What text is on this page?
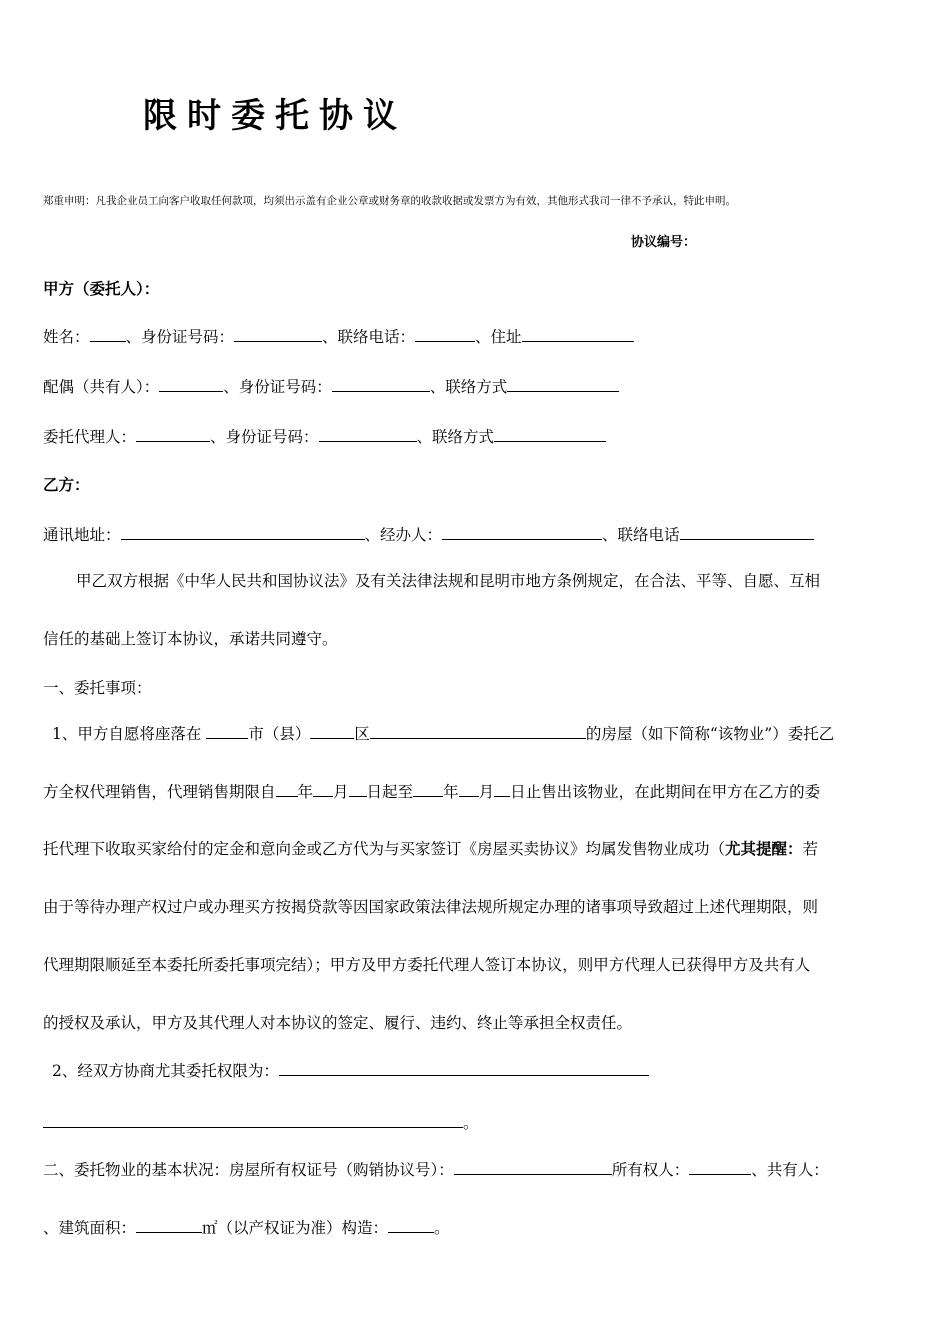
限时委托协议
郑重申明：凡我企业员工向客户收取任何款项，均须出示盖有企业公章或财务章的收款收据或发票方为有效，其他形式我司一律不予承认，特此申明。
协议编号：
甲方（委托人）：
姓名： 、身份证号码：	、联络电话：	、住址
配偶（共有人）：	、身份证号码：	、联络方式
委托代理人：	、身份证号码：	、联络方式
乙方：
通讯地址：	、经办人：	、联络电话
甲乙双方根据《中华人民共和国协议法》及有关法律法规和昆明市地方条例规定，在合法、平等、自愿、互相
信任的基础上签订本协议，承诺共同遵守。
一、委托事项：
1、甲方自愿将座落在	市（县）	区	的房屋（如下简称“该物业”）委托乙
方全权代理销售，代理销售期限自 年 月 日起至 年 月 日止售出该物业，在此期间在甲方在乙方的委
托代理下收取买家给付的定金和意向金或乙方代为与买家签订《房屋买卖协议》均属发售物业成功（尤其提醒：若
由于等待办理产权过户或办理买方按揭贷款等因国家政策法律法规所规定办理的诸事项导致超过上述代理期限，则
代理期限顺延至本委托所委托事项完结）；甲方及甲方委托代理人签订本协议，则甲方代理人已获得甲方及共有人
的授权及承认，甲方及其代理人对本协议的签定、履行、违约、终止等承担全权责任。
2、经双方协商尤其委托权限为：
。
二、委托物业的基本状况：房屋所有权证号（购销协议号）：	所有权人：	、共有人：
、建筑面积：	㎡（以产权证为准）构造：	。
